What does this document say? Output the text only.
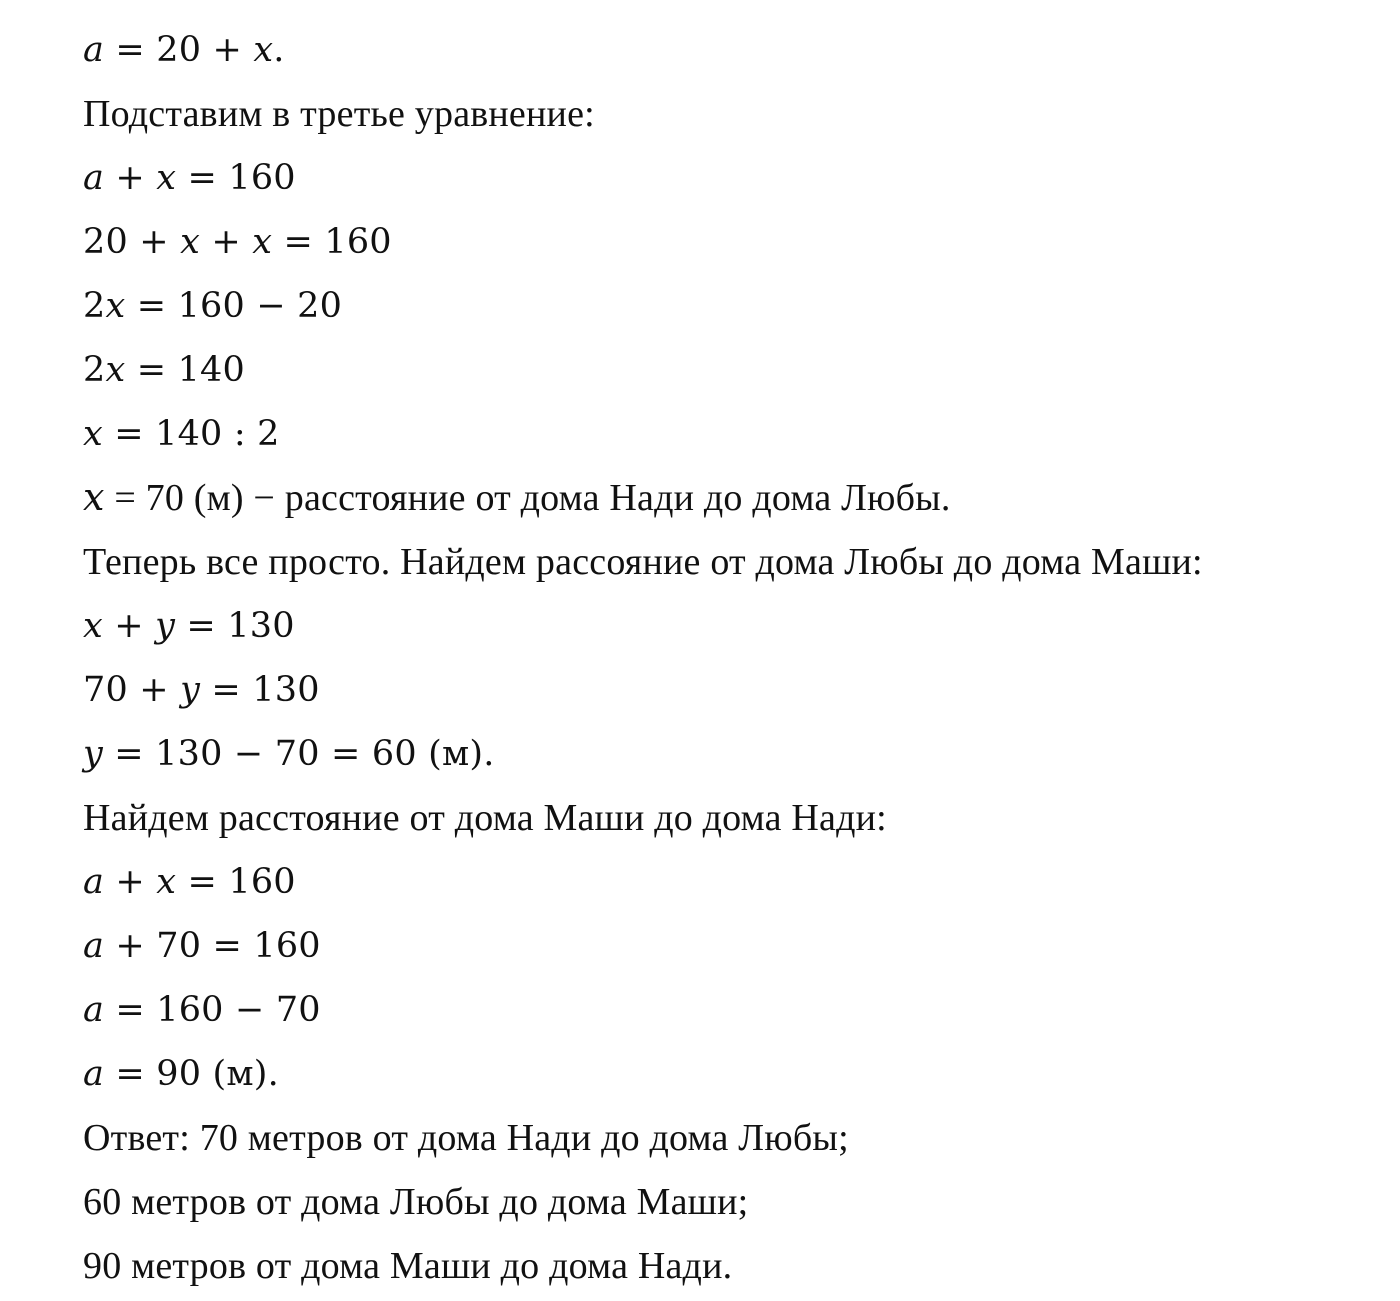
𝑎 = 20 + 𝑥.
Подставим в третье уравнение:
𝑎 + 𝑥 = 160
20 + 𝑥 + 𝑥 = 160
2𝑥 = 160 − 20
2𝑥 = 140
𝑥 = 140 : 2
𝑥 = 70 (м) − расстояние от дома Нади до дома Любы.
Теперь все просто. Найдем рассояние от дома Любы до дома Маши:
𝑥 + 𝑦 = 130
70 + 𝑦 = 130
𝑦 = 130 − 70 = 60 (м).
Найдем расстояние от дома Маши до дома Нади:
𝑎 + 𝑥 = 160
𝑎 + 70 = 160
𝑎 = 160 − 70
𝑎 = 90 (м).
Ответ: 70 метров от дома Нади до дома Любы;
60 метров от дома Любы до дома Маши;
90 метров от дома Маши до дома Нади.
